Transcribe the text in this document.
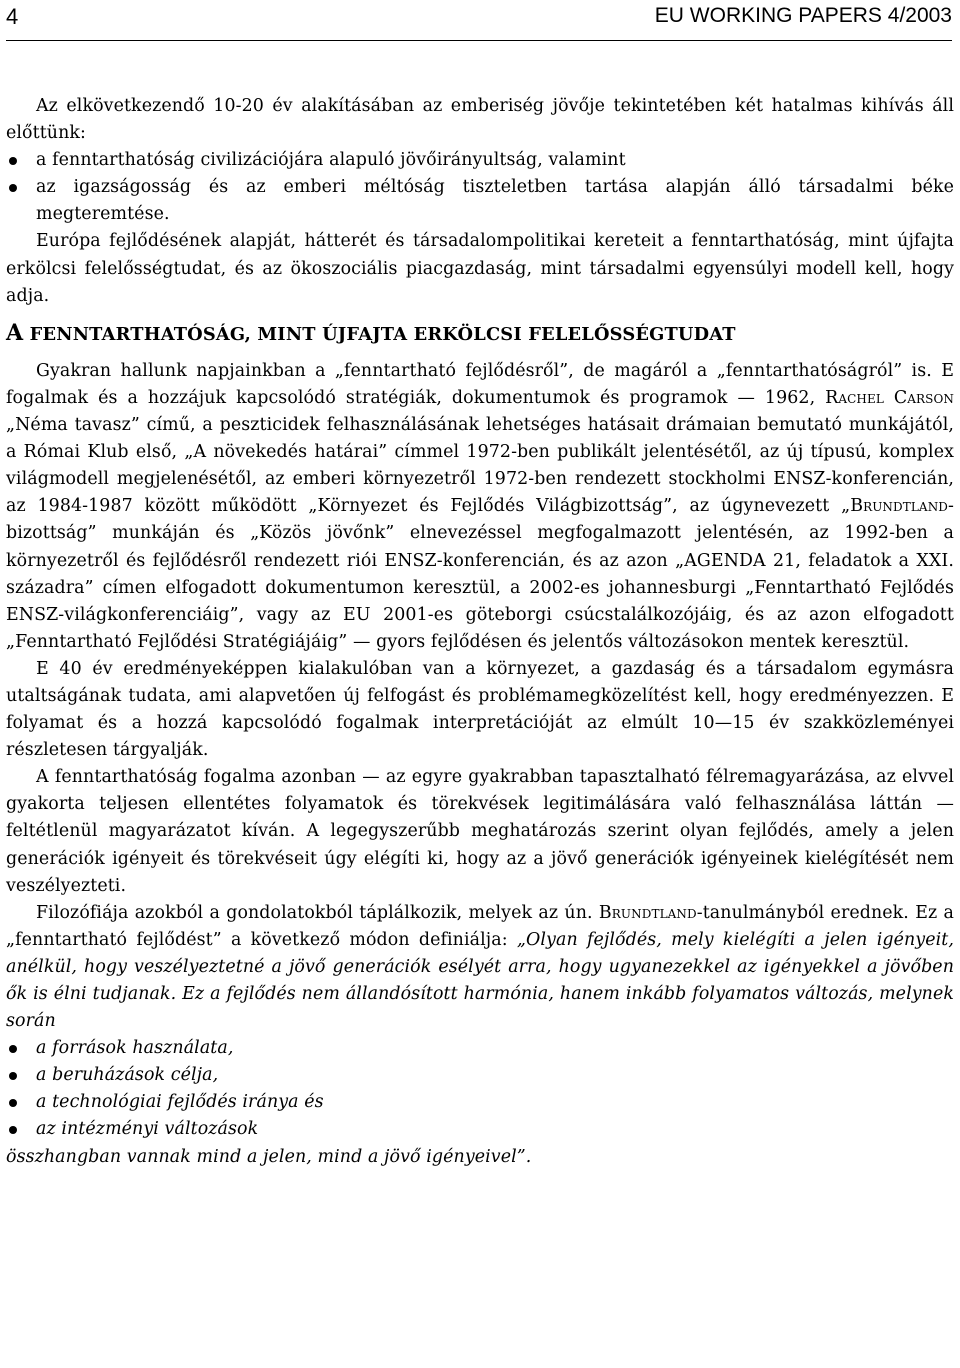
4	EU WORKING PAPERS 4/2003

Az elkövetkezendő 10-20 év alakításában az emberiség jövője tekintetében két hatalmas kihívás áll előttünk:

a fenntarthatóság civilizációjára alapuló jövőirányultság, valamint
az igazságosság és az emberi méltóság tiszteletben tartása alapján álló társadalmi béke megteremtése.

Európa fejlődésének alapját, hátterét és társadalompolitikai kereteit a fenntarthatóság, mint újfajta erkölcsi felelősségtudat, és az ökoszociális piacgazdaság, mint társadalmi egyensúlyi modell kell, hogy adja.

A FENNTARTHATÓSÁG, MINT ÚJFAJTA ERKÖLCSI FELELŐSSÉGTUDAT

Gyakran hallunk napjainkban a „fenntartható fejlődésről”, de magáról a „fenntarthatóságról” is. E fogalmak és a hozzájuk kapcsolódó stratégiák, dokumentumok és programok — 1962, Rachel Carson „Néma tavasz” című, a peszticidek felhasználásának lehetséges hatásait drámaian bemutató munkájától, a Római Klub első, „A növekedés határai” címmel 1972-ben publikált jelentésétől, az új típusú, komplex világmodell megjelenésétől, az emberi környezetről 1972-ben rendezett stockholmi ENSZ-konferencián, az 1984-1987 között működött „Környezet és Fejlődés Világbizottság”, az úgynevezett „Brundtland-bizottság” munkáján és „Közös jövőnk” elnevezéssel megfogalmazott jelentésén, az 1992-ben a környezetről és fejlődésről rendezett riói ENSZ-konferencián, és az azon „AGENDA 21, feladatok a XXI. századra” címen elfogadott dokumentumon keresztül, a 2002-es johannesburgi „Fenntartható Fejlődés ENSZ-világkonferenciáig”, vagy az EU 2001-es göteborgi csúcstalálkozójáig, és az azon elfogadott „Fenntartható Fejlődési Stratégiájáig” — gyors fejlődésen és jelentős változásokon mentek keresztül.

E 40 év eredményeképpen kialakulóban van a környezet, a gazdaság és a társadalom egymásra utaltságának tudata, ami alapvetően új felfogást és problémamegközelítést kell, hogy eredményezzen. E folyamat és a hozzá kapcsolódó fogalmak interpretációját az elmúlt 10—15 év szakközleményei részletesen tárgyalják.

A fenntarthatóság fogalma azonban — az egyre gyakrabban tapasztalható félremagyarázása, az elvvel gyakorta teljesen ellentétes folyamatok és törekvések legitimálására való felhasználása láttán — feltétlenül magyarázatot kíván. A legegyszerűbb meghatározás szerint olyan fejlődés, amely a jelen generációk igényeit és törekvéseit úgy elégíti ki, hogy az a jövő generációk igényeinek kielégítését nem veszélyezteti.

Filozófiája azokból a gondolatokból táplálkozik, melyek az ún. Brundtland-tanulmányból erednek. Ez a „fenntartható fejlődést” a következő módon definiálja: „Olyan fejlődés, mely kielégíti a jelen igényeit, anélkül, hogy veszélyeztetné a jövő generációk esélyét arra, hogy ugyanezekkel az igényekkel a jövőben ők is élni tudjanak. Ez a fejlődés nem állandósított harmónia, hanem inkább folyamatos változás, melynek során

a források használata,
a beruházások célja,
a technológiai fejlődés iránya és
az intézményi változások

összhangban vannak mind a jelen, mind a jövő igényeivel”.
